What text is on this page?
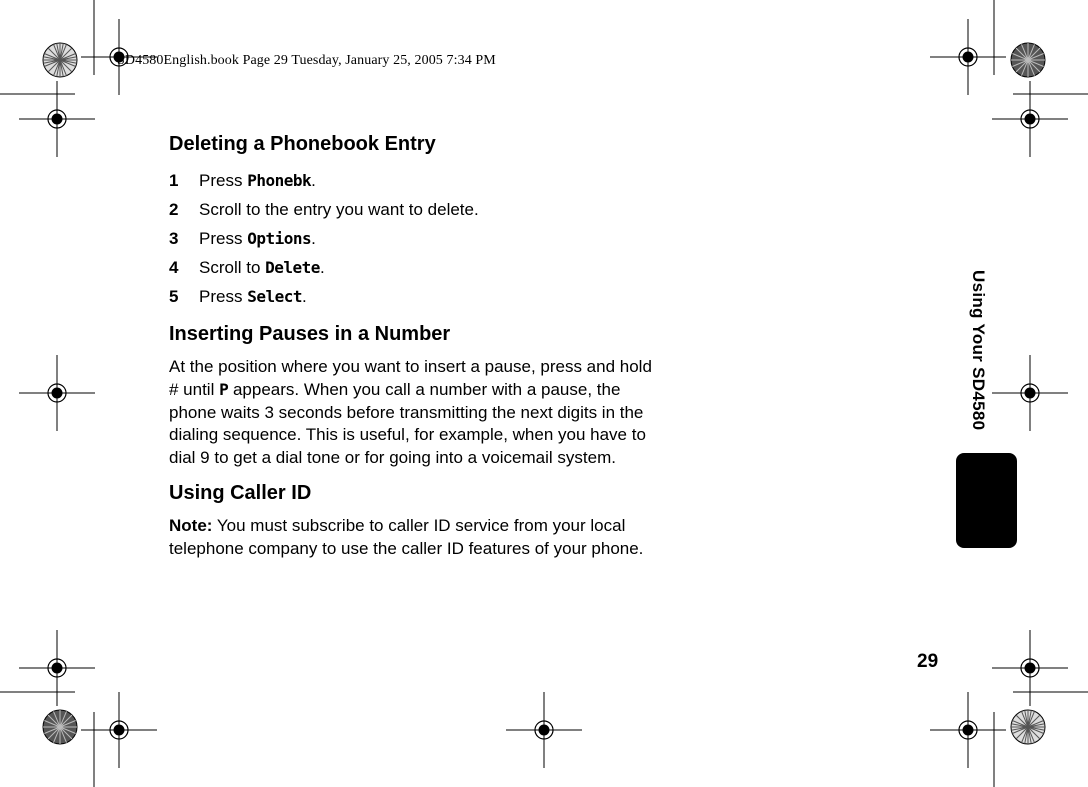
SD4580English.book Page 29 Tuesday, January 25, 2005 7:34 PM
Deleting a Phonebook Entry
1	Press Phonebk.
2	Scroll to the entry you want to delete.
3	Press Options.
4	Scroll to Delete.
5	Press Select.
Inserting Pauses in a Number

At the position where you want to insert a pause, press and hold # until P appears. When you call a number with a pause, the phone waits 3 seconds before transmitting the next digits in the dialing sequence. This is useful, for example, when you have to dial 9 to get a dial tone or for going into a voicemail system.

Using Caller ID

Note: You must subscribe to caller ID service from your local telephone company to use the caller ID features of your phone.

Using Your SD4580
29
